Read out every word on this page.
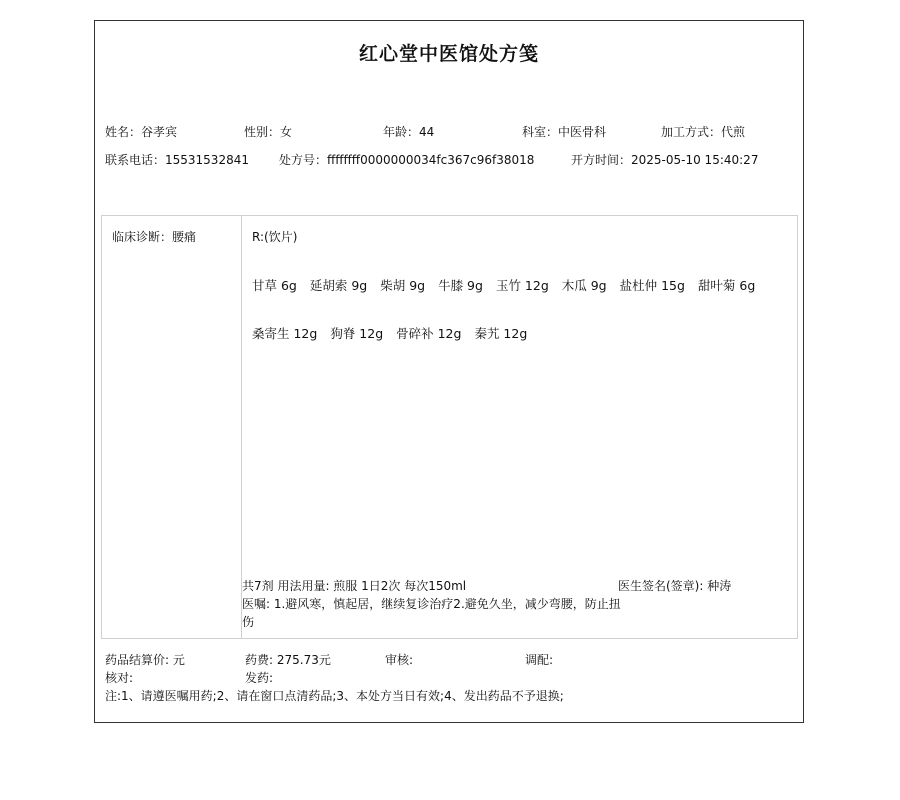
红心堂中医馆处方笺
姓名：谷孝宾	性别：女	年龄：44	科室：中医骨科	加工方式：代煎
联系电话：15531532841	处方号：ffffffff0000000034fc367c96f38018	开方时间：2025-05-10 15:40:27
临床诊断：腰痛	R:(饮片)
甘草 6g 延胡索 9g 柴胡 9g 牛膝 9g 玉竹 12g 木瓜 9g 盐杜仲 15g 甜叶菊 6g
桑寄生 12g 狗脊 12g 骨碎补 12g 秦艽 12g
共7剂 用法用量: 煎服 1日2次 每次150ml	医生签名(签章): 种涛
医嘱: 1.避风寒，慎起居，继续复诊治疗2.避免久坐，减少弯腰，防止扭伤
药品结算价: 元	药费: 275.73元	审核:	调配:
核对:	发药:
注:1、请遵医嘱用药;2、请在窗口点清药品;3、本处方当日有效;4、发出药品不予退换;
